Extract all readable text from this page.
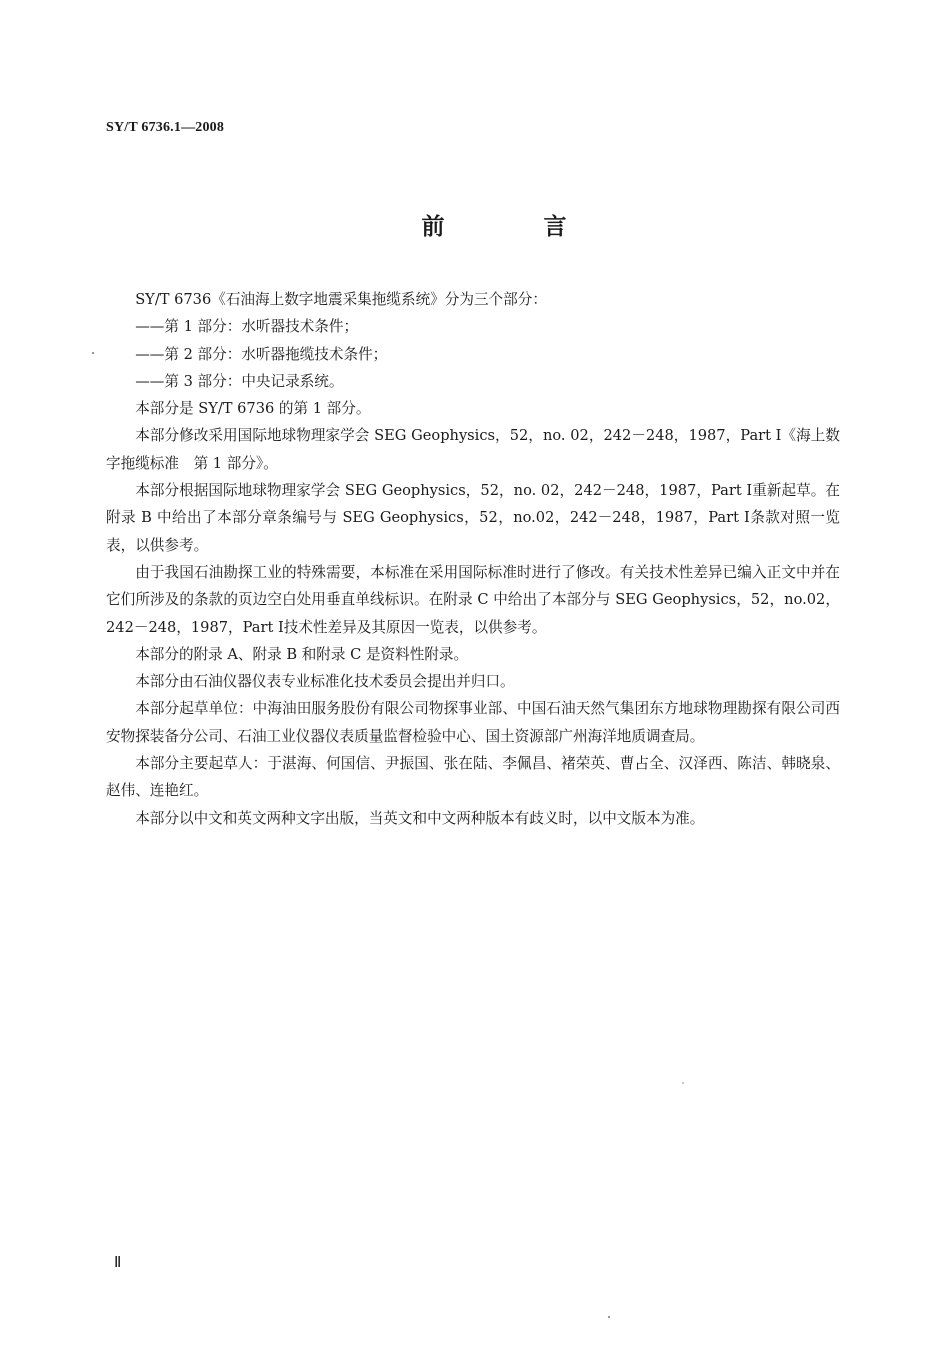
SY/T 6736.1—2008
前　言

SY/T 6736《石油海上数字地震采集拖缆系统》分为三个部分：

——第 1 部分：水听器技术条件；

——第 2 部分：水听器拖缆技术条件；

——第 3 部分：中央记录系统。

本部分是 SY/T 6736 的第 1 部分。

本部分修改采用国际地球物理家学会 SEG Geophysics，52，no. 02，242－248，1987，Part Ⅰ《海上数字拖缆标准　第 1 部分》。

本部分根据国际地球物理家学会 SEG Geophysics，52，no. 02，242－248，1987，Part Ⅰ重新起草。在附录 B 中给出了本部分章条编号与 SEG Geophysics，52，no.02，242－248，1987，Part Ⅰ条款对照一览表，以供参考。

由于我国石油勘探工业的特殊需要，本标准在采用国际标准时进行了修改。有关技术性差异已编入正文中并在它们所涉及的条款的页边空白处用垂直单线标识。在附录 C 中给出了本部分与 SEG Geophysics，52，no.02，242－248，1987，Part Ⅰ技术性差异及其原因一览表，以供参考。

本部分的附录 A、附录 B 和附录 C 是资料性附录。

本部分由石油仪器仪表专业标准化技术委员会提出并归口。

本部分起草单位：中海油田服务股份有限公司物探事业部、中国石油天然气集团东方地球物理勘探有限公司西安物探装备分公司、石油工业仪器仪表质量监督检验中心、国土资源部广州海洋地质调查局。

本部分主要起草人：于湛海、何国信、尹振国、张在陆、李佩昌、褚荣英、曹占全、汉泽西、陈洁、韩晓泉、赵伟、连艳红。

本部分以中文和英文两种文字出版，当英文和中文两种版本有歧义时，以中文版本为准。

Ⅱ
